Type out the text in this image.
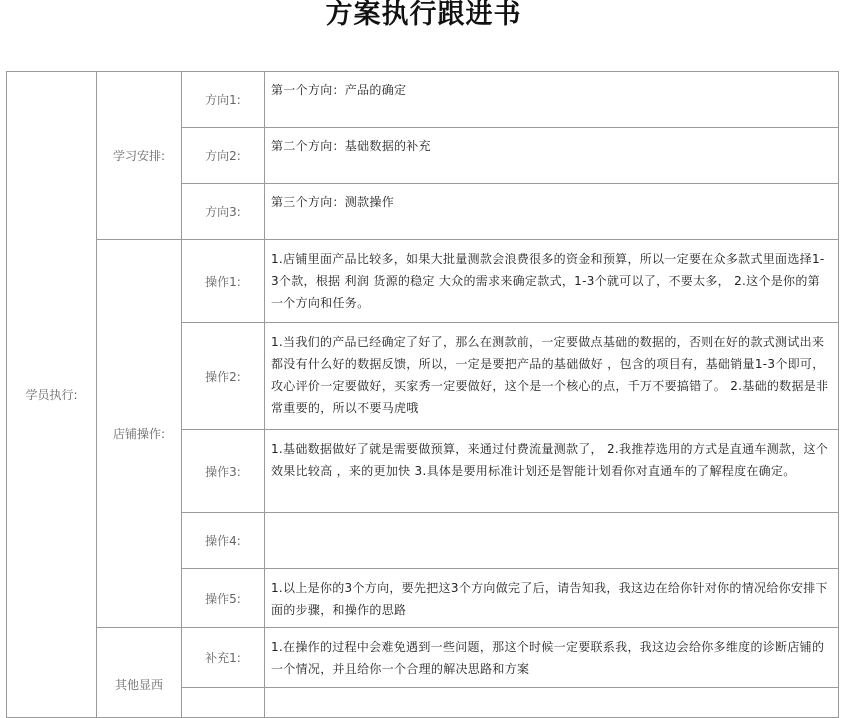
方案执行跟进书
学员执行:	学习安排:	方向1:	第一个方向：产品的确定
		方向2:	第二个方向：基础数据的补充
		方向3:	第三个方向：测款操作

	店铺操作:	操作1:	1.店铺里面产品比较多，如果大批量测款会浪费很多的资金和预算，所以一定要在众多款式里面选择1-3个款，根据 利润 货源的稳定 大众的需求来确定款式，1-3个就可以了，不要太多， 2.这个是你的第一个方向和任务。
		操作2:	1.当我们的产品已经确定了好了，那么在测款前，一定要做点基础的数据的，否则在好的款式测试出来都没有什么好的数据反馈，所以，一定是要把产品的基础做好 ，包含的项目有，基础销量1-3个即可，攻心评价一定要做好，买家秀一定要做好，这个是一个核心的点，千万不要搞错了。 2.基础的数据是非常重要的，所以不要马虎哦
		操作3:	1.基础数据做好了就是需要做预算，来通过付费流量测款了， 2.我推荐选用的方式是直通车测款，这个效果比较高 ，来的更加快 3.具体是要用标准计划还是智能计划看你对直通车的了解程度在确定。
		操作4:	
		操作5:	1.以上是你的3个方向，要先把这3个方向做完了后，请告知我，我这边在给你针对你的情况给你安排下面的步骤，和操作的思路

	其他显西	补充1:	1.在操作的过程中会难免遇到一些问题，那这个时候一定要联系我，我这边会给你多维度的诊断店铺的一个情况，并且给你一个合理的解决思路和方案
